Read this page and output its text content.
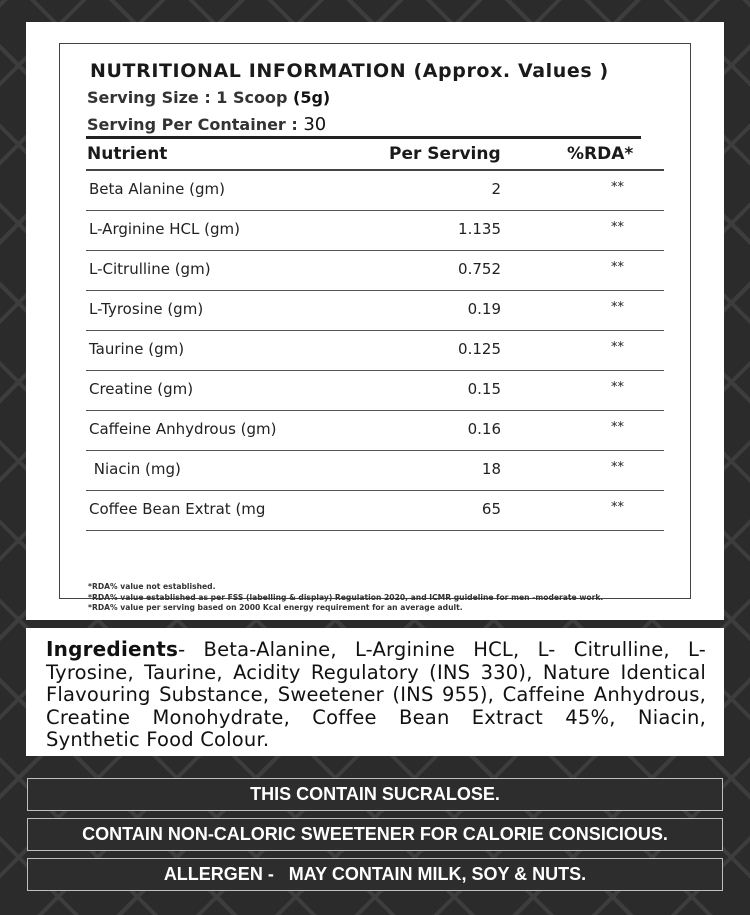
NUTRITIONAL INFORMATION (Approx. Values )
Serving Size : 1 Scoop (5g)
Serving Per Container : 30
Nutrient	Per Serving	%RDA*
Beta Alanine (gm)	2	**
L-Arginine HCL (gm)	1.135	**
L-Citrulline (gm)	0.752	**
L-Tyrosine (gm)	0.19	**
Taurine (gm)	0.125	**
Creatine (gm)	0.15	**
Caffeine Anhydrous (gm)	0.16	**
Niacin (mg)	18	**
Coffee Bean Extrat (mg	65	**
*RDA% value not established.
*RDA% value established as per FSS (labelling & display) Regulation 2020, and ICMR guideline for men -moderate work.
*RDA% value per serving based on 2000 Kcal energy requirement for an average adult.

Ingredients- Beta-Alanine, L-Arginine HCL, L- Citrulline, L- Tyrosine, Taurine, Acidity Regulatory (INS 330), Nature Identical Flavouring Substance, Sweetener (INS 955), Caffeine Anhydrous, Creatine Monohydrate, Coffee Bean Extract 45%, Niacin, Synthetic Food Colour.

THIS CONTAIN SUCRALOSE.
CONTAIN NON-CALORIC SWEETENER FOR CALORIE CONSICIOUS.
ALLERGEN -   MAY CONTAIN MILK, SOY & NUTS.
